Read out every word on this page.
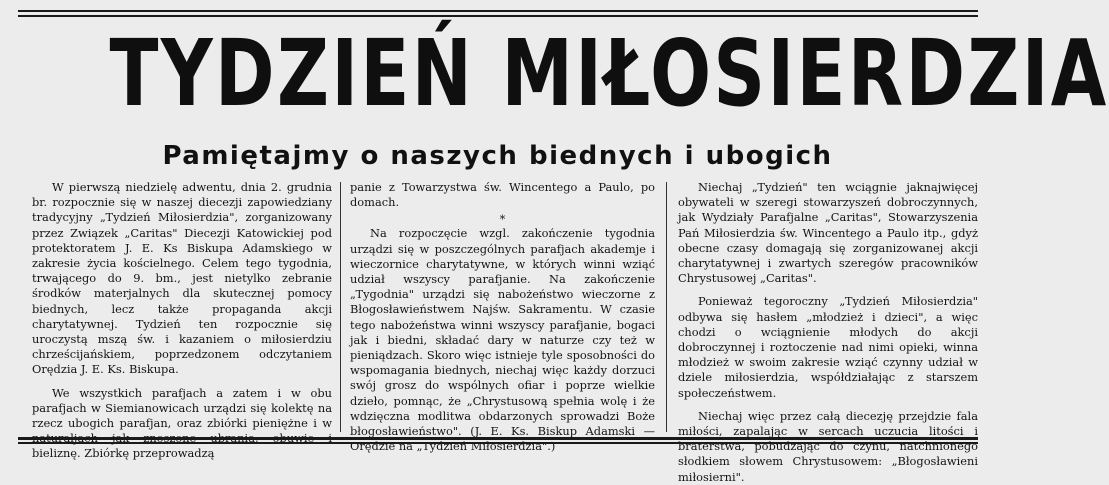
TYDZIEŃ MIŁOSIERDZIA
Pamiętajmy o naszych biednych i ubogich

W pierwszą niedzielę adwentu, dnia 2. grudnia br. rozpocznie się w naszej diecezji zapowiedziany tradycyjny „Tydzień Miłosierdzia", zorganizowany przez Związek „Caritas" Diecezji Katowickiej pod protektoratem J. E. Ks Biskupa Adamskiego w zakresie życia kościelnego. Celem tego tygodnia, trwającego do 9. bm., jest nietylko zebranie środków materjalnych dla skutecznej pomocy biednych, lecz także propaganda akcji charytatywnej. Tydzień ten rozpocznie się uroczystą mszą św. i kazaniem o miłosierdziu chrześcijańskiem, poprzedzonem odczytaniem Orędzia J. E. Ks. Biskupa.

We wszystkich parafjach a zatem i w obu parafjach w Siemianowicach urządzi się kolektę na rzecz ubogich parafjan, oraz zbiórki pieniężne i w naturaljach jak znoszone ubrania, obuwie i bieliznę. Zbiórkę przeprowadzą

panie z Towarzystwa św. Wincentego a Paulo, po domach.

*

Na rozpoczęcie wzgl. zakończenie tygodnia urządzi się w poszczególnych parafjach akademje i wieczornice charytatywne, w których winni wziąć udział wszyscy parafjanie. Na zakończenie „Tygodnia" urządzi się nabożeństwo wieczorne z Błogosławieństwem Najśw. Sakramentu. W czasie tego nabożeństwa winni wszyscy parafjanie, bogaci jak i biedni, składać dary w naturze czy też w pieniądzach. Skoro więc istnieje tyle sposobności do wspomagania biednych, niechaj więc każdy dorzuci swój grosz do wspólnych ofiar i poprze wielkie dzieło, pomnąc, że „Chrystusową spełnia wolę i że wdzięczna modlitwa obdarzonych sprowadzi Boże błogosławieństwo". (J. E. Ks. Biskup Adamski — Orędzie na „Tydzień Miłosierdzia".)

Niechaj „Tydzień" ten wciągnie jaknajwięcej obywateli w szeregi stowarzyszeń dobroczynnych, jak Wydziały Parafjalne „Caritas", Stowarzyszenia Pań Miłosierdzia św. Wincentego a Paulo itp., gdyż obecne czasy domagają się zorganizowanej akcji charytatywnej i zwartych szeregów pracowników Chrystusowej „Caritas".

Ponieważ tegoroczny „Tydzień Miłosierdzia" odbywa się hasłem „młodzież i dzieci", a więc chodzi o wciągnienie młodych do akcji dobroczynnej i roztoczenie nad nimi opieki, winna młodzież w swoim zakresie wziąć czynny udział w dziele miłosierdzia, współdziałając z starszem społeczeństwem.

Niechaj więc przez całą diecezję przejdzie fala miłości, zapalając w sercach uczucia litości i braterstwa, pobudzając do czynu, natchnionego słodkiem słowem Chrystusowem: „Błogosławieni miłosierni".
